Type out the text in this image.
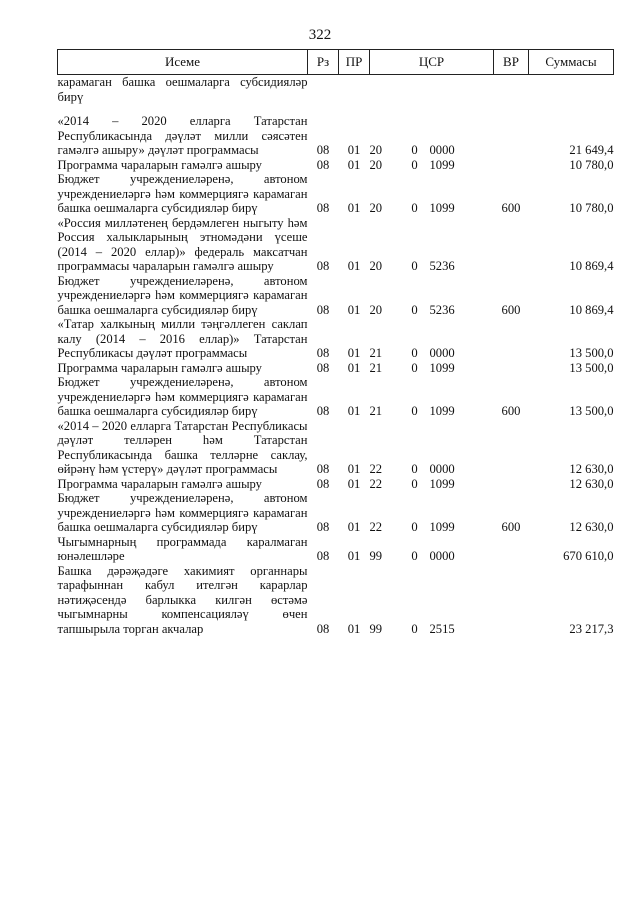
322
Исеме	Рз	ПР	ЦСР			ВР	Суммасы
карамаган башка оешмаларга субсидияләр бирү							
«2014 – 2020 елларга Татарстан Республикасында дәүләт милли сәясәтен гамәлгә ашыру» дәүләт программасы	08	01	20	0	0000		21 649,4
Программа чараларын гамәлгә ашыру	08	01	20	0	1099		10 780,0
Бюджет учреждениеләренә, автоном учреждениеләргә һәм коммерциягә карамаган башка оешмаларга субсидияләр бирү	08	01	20	0	1099	600	10 780,0
«Россия милләтенең бердәмлеген ныгыту һәм Россия халыкларының этномәдәни үсеше (2014 – 2020 еллар)» федераль максатчан программасы чараларын гамәлгә ашыру	08	01	20	0	5236		10 869,4
Бюджет учреждениеләренә, автоном учреждениеләргә һәм коммерциягә карамаган башка оешмаларга субсидияләр бирү	08	01	20	0	5236	600	10 869,4
«Татар халкының милли тәңгәллеген саклап калу (2014 – 2016 еллар)» Татарстан Республикасы дәүләт программасы	08	01	21	0	0000		13 500,0
Программа чараларын гамәлгә ашыру	08	01	21	0	1099		13 500,0
Бюджет учреждениеләренә, автоном учреждениеләргә һәм коммерциягә карамаган башка оешмаларга субсидияләр бирү	08	01	21	0	1099	600	13 500,0
«2014 – 2020 елларга Татарстан Республикасы дәүләт телләрен һәм Татарстан Республикасында башка телләрне саклау, өйрәнү һәм үстерү» дәүләт программасы	08	01	22	0	0000		12 630,0
Программа чараларын гамәлгә ашыру	08	01	22	0	1099		12 630,0
Бюджет учреждениеләренә, автоном учреждениеләргә һәм коммерциягә карамаган башка оешмаларга субсидияләр бирү	08	01	22	0	1099	600	12 630,0
Чыгымнарның программада каралмаган юнәлешләре	08	01	99	0	0000		670 610,0
Башка дәрәҗәдәге хакимият органнары тарафыннан кабул ителгән карарлар нәтиҗәсендә барлыкка килгән өстәмә чыгымнарны компенсацияләү өчен тапшырыла торган акчалар	08	01	99	0	2515		23 217,3
